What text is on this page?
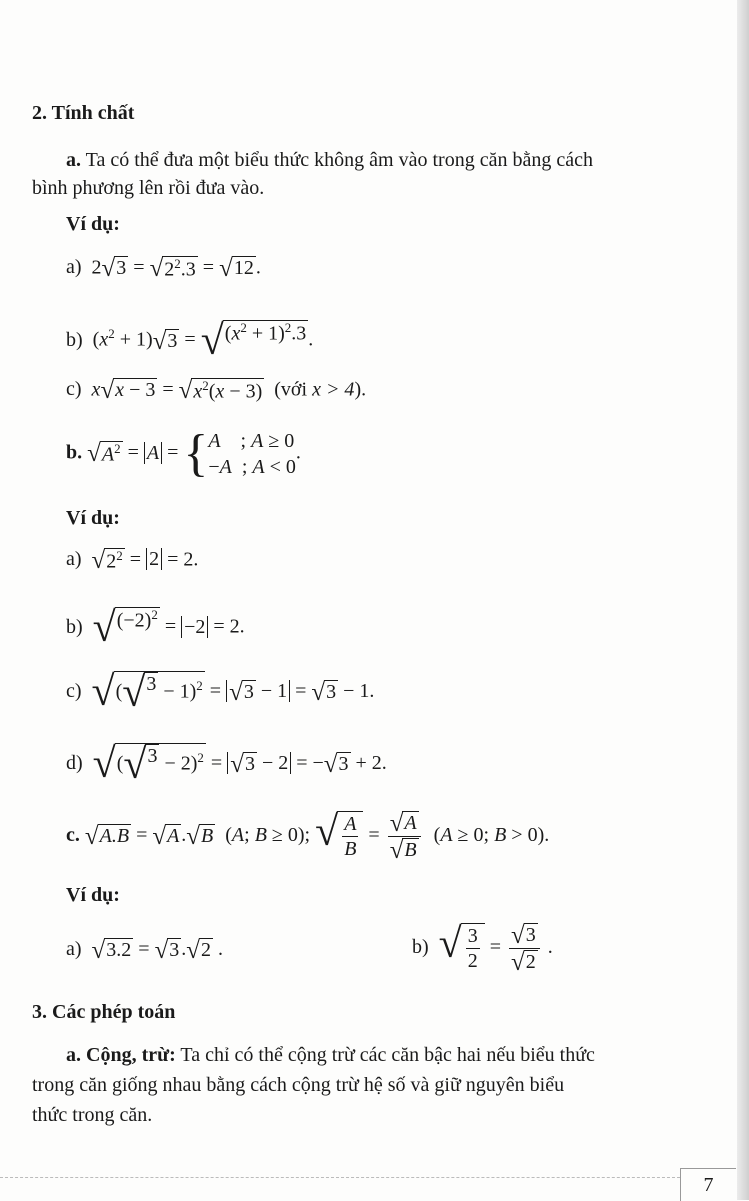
2. Tính chất
a. Ta có thể đưa một biểu thức không âm vào trong căn bằng cách
bình phương lên rồi đưa vào.
Ví dụ:
a)  2 √ 3 = √ $2^2.3$ = √ 12 .
b)  $(x^2 + 1)$ √ 3 = √ $(x^2 + 1)^2.3$ .
c) x √ x − 3 = √ $x^2(x - 3)$ (với x > 4).
b. √ $A^2 = A$ = { A    ; A ≥ 0
−A  ; A < 0
.
Ví dụ:
a) √ $2^2 = 2 = 2$.
b) √ $(-2)^2$
= −2 = 2.
c) √ ( √ 3 − 1)$^2$ = √ 3 − 1 = √ 3 − 1.
d) √ ( √ 3 − 2)$^2$ = √ 3 − 2 = − √ 3 + 2.
c. √ A.B = √ A . √ B (A; B ≥ 0); √ $\frac{A}{B} = \frac{√ A}{√ B} (A \ge 0$; B > 0).
Ví dụ:
a) √ 3.2 = √ 3 . √ 2 .	b) √ $\frac{3}{2} = \frac{√ 3}{√ 2}$ .
3. Các phép toán
a. Cộng, trừ: Ta chỉ có thể cộng trừ các căn bậc hai nếu biểu thức
trong căn giống nhau bằng cách cộng trừ hệ số và giữ nguyên biểu
thức trong căn.
7
